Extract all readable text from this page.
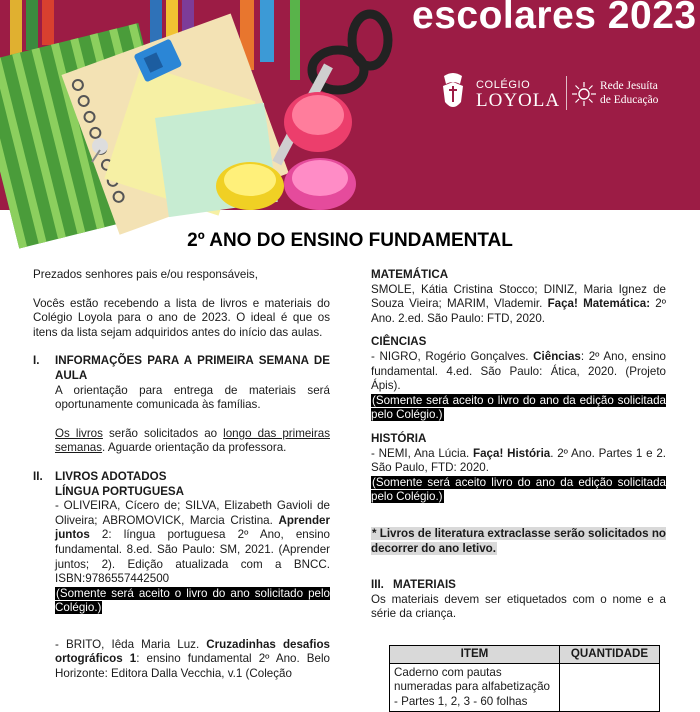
escolares 2023
COLÉGIO
LOYOLA
Rede Jesuíta
de Educação
2º ANO DO ENSINO FUNDAMENTAL

Prezados senhores pais e/ou responsáveis,

Vocês estão recebendo a lista de livros e materiais do Colégio Loyola para o ano de 2023. O ideal é que os itens da lista sejam adquiridos antes do início das aulas.

I. INFORMAÇÕES PARA A PRIMEIRA SEMANA DE AULA

A orientação para entrega de materiais será oportunamente comunicada às famílias.

Os livros serão solicitados ao longo das primeiras semanas. Aguarde orientação da professora.

II. LIVROS ADOTADOS
LÍNGUA PORTUGUESA

- OLIVEIRA, Cícero de; SILVA, Elizabeth Gavioli de Oliveira; ABROMOVICK, Marcia Cristina. Aprender juntos 2: língua portuguesa 2º Ano, ensino fundamental. 8.ed. São Paulo: SM, 2021. (Aprender juntos; 2). Edição atualizada com a BNCC. ISBN:9786557442500

(Somente será aceito o livro do ano solicitado pelo Colégio.)

- BRITO, Iêda Maria Luz. Cruzadinhas desafios ortográficos 1: ensino fundamental 2º Ano. Belo Horizonte: Editora Dalla Vecchia, v.1 (Coleção

MATEMÁTICA

SMOLE, Kátia Cristina Stocco; DINIZ, Maria Ignez de Souza Vieira; MARIM, Vlademir. Faça! Matemática: 2º Ano. 2.ed. São Paulo: FTD, 2020.

CIÊNCIAS

- NIGRO, Rogério Gonçalves. Ciências: 2º Ano, ensino fundamental. 4.ed. São Paulo: Ática, 2020. (Projeto Ápis).

(Somente será aceito o livro do ano da edição solicitada pelo Colégio.)

HISTÓRIA

- NEMI, Ana Lúcia. Faça! História. 2º Ano. Partes 1 e 2. São Paulo, FTD: 2020.

(Somente será aceito livro do ano da edição solicitada pelo Colégio.)

* Livros de literatura extraclasse serão solicitados no decorrer do ano letivo.

III. MATERIAIS

Os materiais devem ser etiquetados com o nome e a série da criança.

ITEM	QUANTIDADE
Caderno com pautas numeradas para alfabetização - Partes 1, 2, 3 - 60 folhas	
